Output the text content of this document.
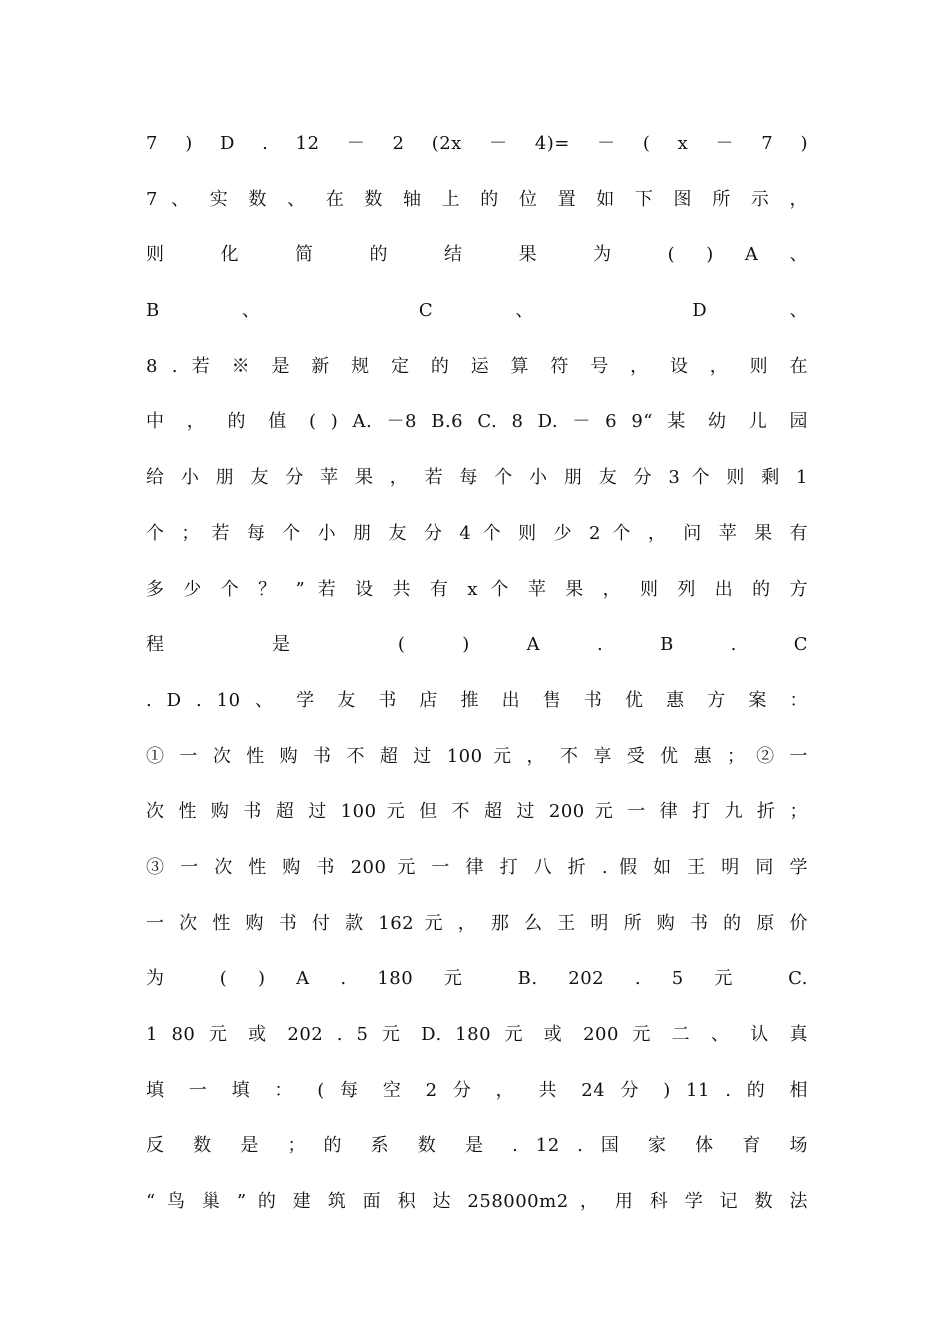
7 ) D . 12 － 2 (2x － 4)= － ( x － 7 )
7 、 实 数 、 在 数 轴 上 的 位 置 如 下 图 所 示 ，
则 化 简 的 结 果 为 ( ) A 、
B 、 C 、 D 、
8 . 若 ※ 是 新 规 定 的 运 算 符 号 ， 设 ， 则 在
中 ， 的 值 ( ) A. －8 B.6 C. 8 D. － 6 9“ 某 幼 儿 园
给 小 朋 友 分 苹 果 ， 若 每 个 小 朋 友 分 3 个 则 剩 1
个 ； 若 每 个 小 朋 友 分 4 个 则 少 2 个 ， 问 苹 果 有
多 少 个 ？ ” 若 设 共 有 x 个 苹 果 ， 则 列 出 的 方
程 是 ( ) A . B . C
. D . 10 、 学 友 书 店 推 出 售 书 优 惠 方 案 ：
① 一 次 性 购 书 不 超 过 100 元 ， 不 享 受 优 惠 ； ② 一
次 性 购 书 超 过 100 元 但 不 超 过 200 元 一 律 打 九 折 ；
③ 一 次 性 购 书 200 元 一 律 打 八 折 . 假 如 王 明 同 学
一 次 性 购 书 付 款 162 元 ， 那 么 王 明 所 购 书 的 原 价
为 ( ) A . 180 元 B. 202 . 5 元 C.
1 80 元 或 202 . 5 元 D. 180 元 或 200 元 二 、 认 真
填 一 填 ： ( 每 空 2 分 ， 共 24 分 ) 11 . 的 相
反 数 是 ； 的 系 数 是 . 12 . 国 家 体 育 场
“ 鸟 巢 ” 的 建 筑 面 积 达 258000m2 ， 用 科 学 记 数 法
